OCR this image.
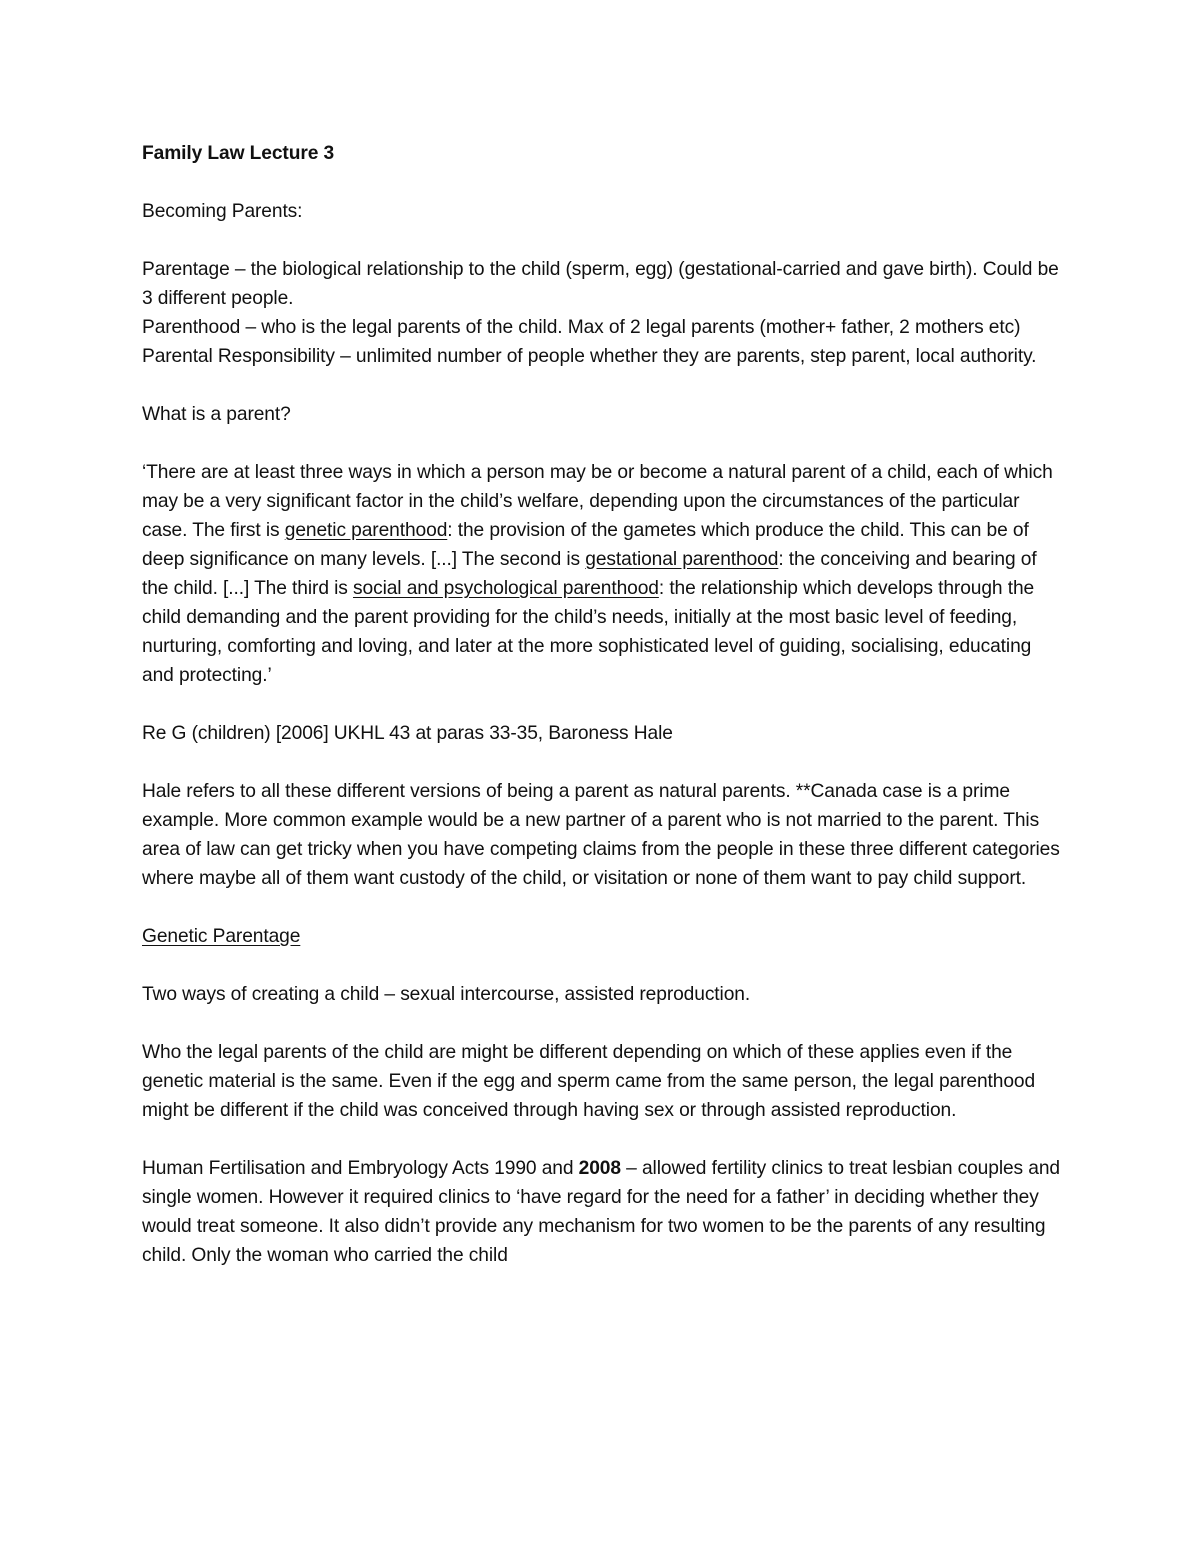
Family Law Lecture 3

Becoming Parents:

Parentage – the biological relationship to the child (sperm, egg) (gestational-carried and gave birth). Could be 3 different people.

Parenthood – who is the legal parents of the child. Max of 2 legal parents (mother+ father, 2 mothers etc)

Parental Responsibility – unlimited number of people whether they are parents, step parent, local authority.

What is a parent?

‘There are at least three ways in which a person may be or become a natural parent of a child, each of which may be a very significant factor in the child’s welfare, depending upon the circumstances of the particular case. The first is genetic parenthood: the provision of the gametes which produce the child. This can be of deep significance on many levels. [...] The second is gestational parenthood: the conceiving and bearing of the child. [...] The third is social and psychological parenthood: the relationship which develops through the child demanding and the parent providing for the child’s needs, initially at the most basic level of feeding, nurturing, comforting and loving, and later at the more sophisticated level of guiding, socialising, educating and protecting.’

Re G (children) [2006] UKHL 43 at paras 33-35, Baroness Hale

Hale refers to all these different versions of being a parent as natural parents. **Canada case is a prime example. More common example would be a new partner of a parent who is not married to the parent. This area of law can get tricky when you have competing claims from the people in these three different categories where maybe all of them want custody of the child, or visitation or none of them want to pay child support.

Genetic Parentage

Two ways of creating a child – sexual intercourse, assisted reproduction.

Who the legal parents of the child are might be different depending on which of these applies even if the genetic material is the same. Even if the egg and sperm came from the same person, the legal parenthood might be different if the child was conceived through having sex or through assisted reproduction.

Human Fertilisation and Embryology Acts 1990 and 2008 – allowed fertility clinics to treat lesbian couples and single women. However it required clinics to ‘have regard for the need for a father’ in deciding whether they would treat someone. It also didn’t provide any mechanism for two women to be the parents of any resulting child. Only the woman who carried the child
